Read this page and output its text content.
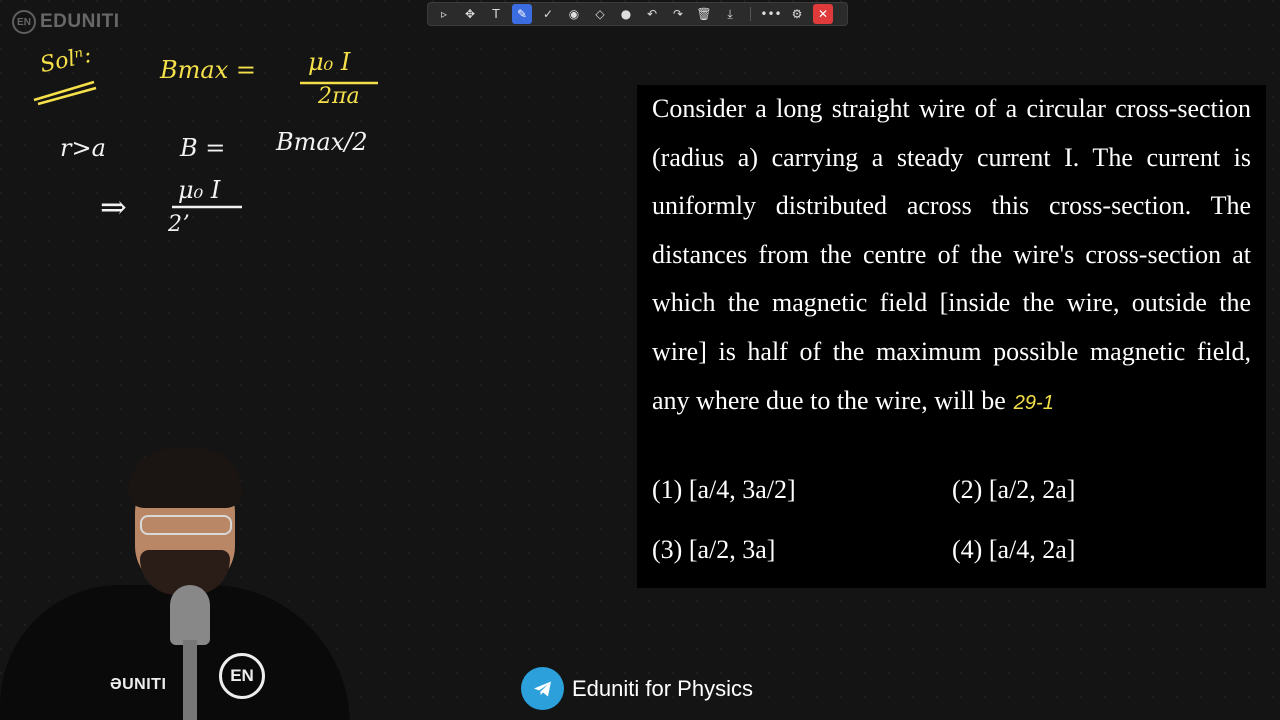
EN EDUNITI	▹	✥	T	✎	✓	◉	◇	●	↶	↷	🗑	⤓	••• ⚙	✕
Solⁿ:	Bmax = μ₀ I
2πa
r>a	B = Bmax/2
⇒ μ₀ I
2ʼ

Consider a long straight wire of a circular cross-section (radius a) carrying a steady current I. The current is uniformly distributed across this cross-section. The distances from the centre of the wire's cross-section at which the magnetic field [inside the wire, outside the wire] is half of the maximum possible magnetic field, any where due to the wire, will be 29-1

(1) [a/4, 3a/2]	(2) [a/2, 2a]
(3) [a/2, 3a]	(4) [a/4, 2a]
ƏUNITI	EN	Eduniti for Physics
